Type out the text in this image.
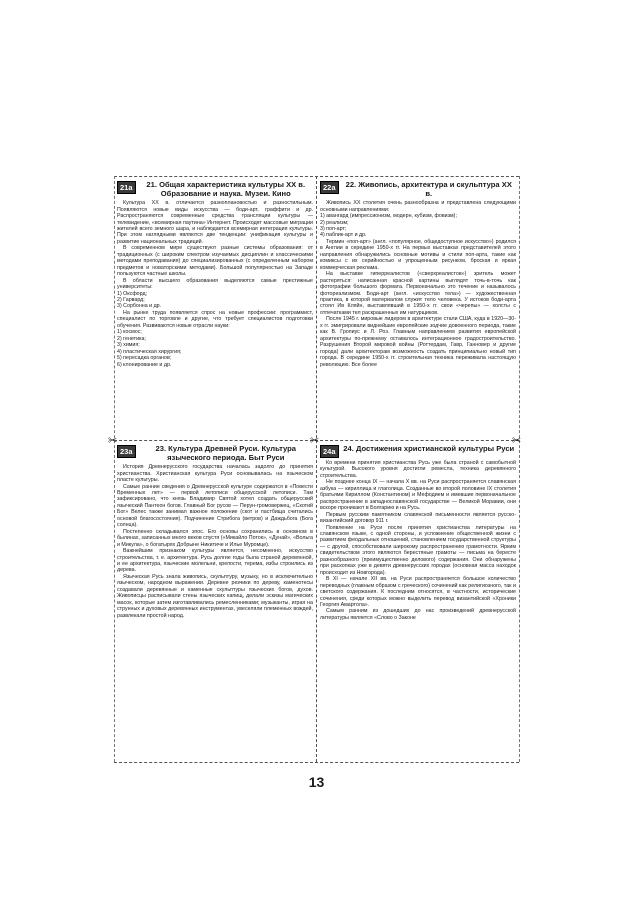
✂	✂	✂
21a	21. Общая характеристика культуры XX в. Образование и наука. Музеи. Кино

Культура XX в. отличается разноплановостью и разностильным. Появляются новые виды искусства — боди-арт, граффити и др. Распространяются современные средства трансляции культуры — телевидение, «всемирная паутина» Интернет. Происходят массовые миграции жителей всего земного шара, и наблюдается всемирная интеграция культуры. При этом наглядными являются две тенденции: унификация культуры и развитие национальных традиций.

В современном мире существуют разные системы образования: от традиционных (с широким спектром изучаемых дисциплин и классическими методами преподавания) до специализированных (с определенным набором предметов и новаторскими методами). Большой популярностью на Западе пользуются частные школы.

В области высшего образования выделяются самые престижные университеты:

1) Оксфорд;

2) Гарвард;

3) Сорбонна и др.

На рынке труда появляется спрос на новые профессии: программист, специалист по торговле и другие, что требует специалистов подготовки обучения. Развиваются новые отрасли науки:

1) космос;

2) генетика;

3) химия;

4) пластическая хирургия;

5) пересадка органов;

6) клонирование и др.

22a	22. Живопись, архитектура и скульптура XX в.

Живопись XX столетия очень разнообразна и представлена следующими основными направлениями:

1) авангард (импрессионизм, модерн, кубизм, фовизм);

2) реализм;

3) поп-арт;

4) паблик-арт и др.

Термин «поп-арт» (англ. «популярное, общедоступное искусство») родился в Англии в середине 1950-х гг. На первых выставках представителей этого направления обнаружились основные мотивы и стили поп-арта, такие как комиксы с их серийностью и упрощенным рисунком, броская и яркая коммерческая реклама.

На выставке гиперреалистов («сверхреалистов») зритель может растеряться: написанная красной картины выглядят точь-в-точь как фотографии большого формата. Первоначально это течение и называлось фотореализмом. Боди-арт (англ. «искусство тела») — художественная практика, в которой материалом служит тело человека. У истоков боди-арта стоял Ив Кляйн, выставлявший в 1950-х гг. свои «черепы» — холсты с отпечатками тел раскрашенных им натурщиков.

После 1945 г. мировые лидером в архитектуре стали США, куда в 1920—30-х гг. эмигрировали виднейшие европейские зодчие довоенного периода, такие как В. Гропиус и Л. Роэ. Главным направлением развития европейской архитектуры по-прежнему оставалось интеграционное градостроительство. Разрушения Второй мировой войны (Роттердам, Гавр, Ганновер и другие города) дали архитекторам возможность создать принципиально новый тип города. В середине 1950-х гг. строительная техника переживала настоящую революцию. Все более

23a	23. Культура Древней Руси. Культура языческого периода. Быт Руси

История Древнерусского государства началась задолго до принятия христианства. Христианская культура Руси основывалась на языческом пласте культуры.

Самые ранние сведения о Древнерусской культуре содержатся в «Повести Временных лет» — первой летописи общерусской летописи. Там зафиксировано, что князь Владимир Святой хотел создать общерусский языческий Пантеон богов. Главный Бог русов — Перун-громовержец, «Скотий Бог» Велес также занимал важное положение (скот и пастбища считались основой благосостояния). Подчинение Стрибога (ветров) и Даждьбога (Бога солнца).

Постепенно складывался эпос. Его основы сохранились в основном в былинах, записанных много веков спустя («Микайло Поток», «Дунай», «Вольга и Микула», о богатырях Добрыне Никитиче и Илье Муромце).

Важнейшим признаком культуры является, несомненно, искусство строительства, т. е. архитектура. Русь долгие годы была страной деревянной, и ее архитектура, языческие молельни, крепости, терема, избы строились из дерева.

Языческая Русь знала живопись, скульптуру, музыку, но в исключительно языческом, народном выражении. Деревне резчики по дереву, каменотесы создавали деревянные и каменные скульптуры языческих богов, духов. Живописцы расписывали стены языческих капищ, делали эскизы магических масок, которые затем изготавливались ремесленниками; музыканты, играя на струнных и духовых деревянных инструментах, увеселяли племенных вождей, развлекали простой народ.

24a	24. Достижения христианской культуры Руси

Ко времени принятия христианства Русь уже была страной с самобытной культурой. Высокого уровня достигли ремесла, техника деревянного строительства.

Не позднее конца IX — начала X вв. на Руси распространяется славянская азбука — кириллица и глаголица. Созданные во второй половине IX столетия братьями Кириллом (Константином) и Мефодием и имевшие первоначальное распространение в западнославянской государстве — Великой Моравии, они вскоре проникают в Болгарию и на Русь.

Первым русским памятником славянской письменности является русско-византийский договор 911 г.

Появление на Руси после принятия христианства литературы на славянском языке, с одной стороны, и усложнение общественной жизни с развитием феодальных отношений, становлением государственной структуры — с другой, способствовали широкому распространению грамотности. Ярким свидетельством этого являются берестяные грамоты — письма на бересте разнообразного (преимущественно делового) содержания. Они обнаружены при раскопках уже в девяти древнерусских городах (основная масса находок происходит из Новгорода).

В XI — начале XII вв. на Руси распространяется большое количество переводных (главным образом с греческого) сочинений как религиозного, так и светского содержания. К последним относятся, в частности, исторические сочинения, среди которых можно выделить перевод византийской «Хроники Георгия Амартола».

Самым ранним из дошедших до нас произведений древнерусской литературы является «Слово о Законе

13
